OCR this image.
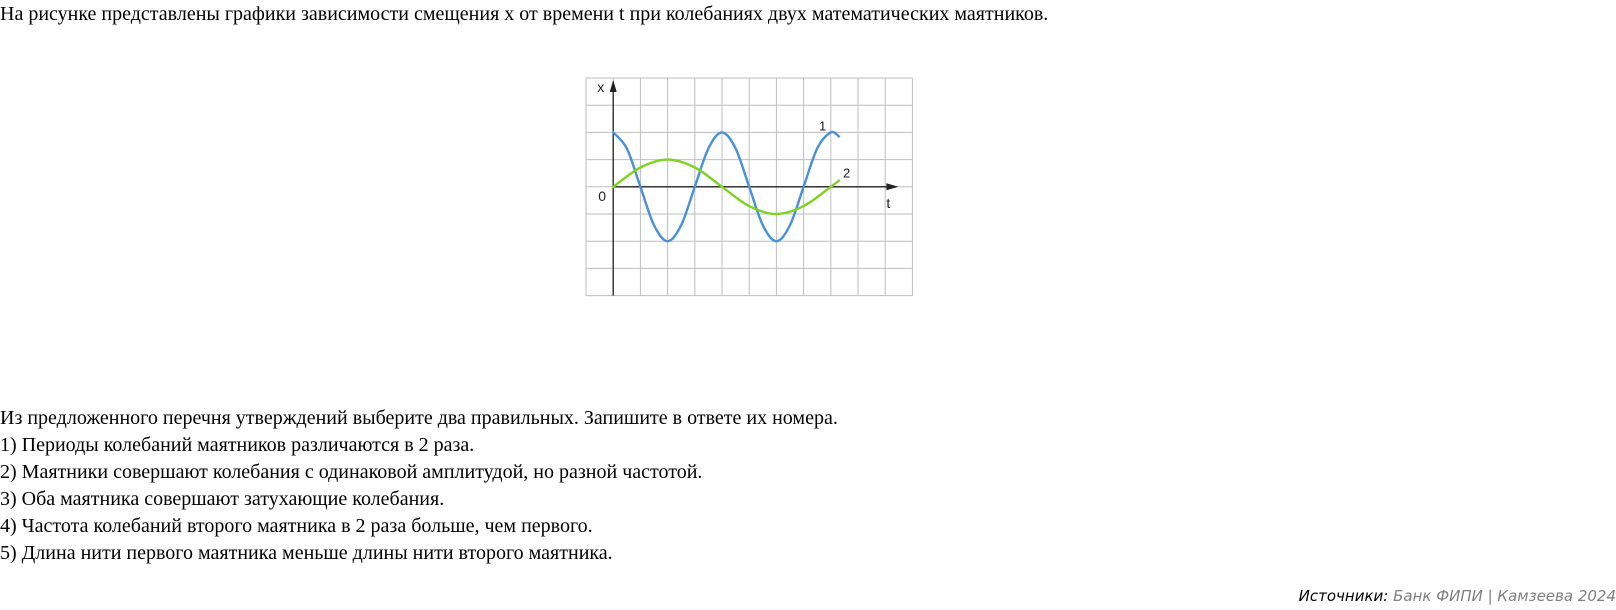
На рисунке представлены графики зависимости смещения x от времени t при колебаниях двух математических маятников.
x
t
0
1
2
Из предложенного перечня утверждений выберите два правильных. Запишите в ответе их номера.
1) Периоды колебаний маятников различаются в 2 раза.
2) Маятники совершают колебания с одинаковой амплитудой, но разной частотой.
3) Оба маятника совершают затухающие колебания.
4) Частота колебаний второго маятника в 2 раза больше, чем первого.
5) Длина нити первого маятника меньше длины нити второго маятника.
Источники: Банк ФИПИ | Камзеева 2024
